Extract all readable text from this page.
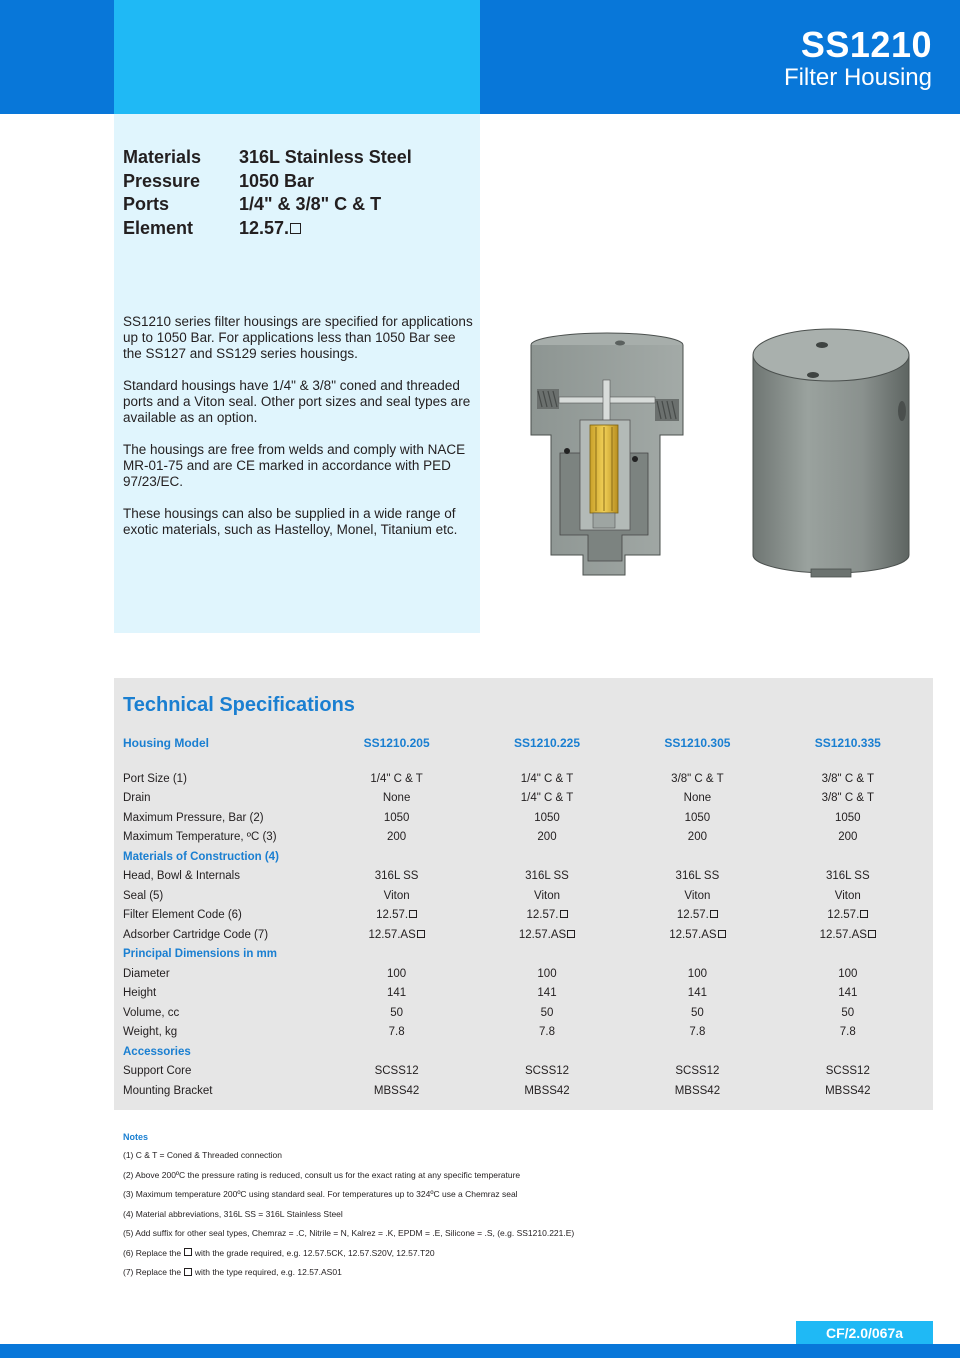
SS1210
Filter Housing
Materials	316L Stainless Steel
Pressure	1050 Bar
Ports	1/4" & 3/8" C & T
Element	12.57.

SS1210 series filter housings are specified for applications up to 1050 Bar. For applications less than 1050 Bar see the SS127 and SS129 series housings.

Standard housings have 1/4" & 3/8" coned and threaded ports and a Viton seal. Other port sizes and seal types are available as an option.

The housings are free from welds and comply with NACE MR-01-75 and are CE marked in accordance with PED 97/23/EC.

These housings can also be supplied in a wide range of exotic materials, such as Hastelloy, Monel, Titanium etc.

Technical Specifications
Housing Model	SS1210.205	SS1210.225	SS1210.305	SS1210.335
Port Size (1)	1/4" C & T	1/4" C & T	3/8" C & T	3/8" C & T
Drain	None	1/4" C & T	None	3/8" C & T
Maximum Pressure, Bar (2)	1050	1050	1050	1050
Maximum Temperature, ºC (3)	200	200	200	200
Materials of Construction (4)
Head, Bowl & Internals	316L SS	316L SS	316L SS	316L SS
Seal (5)	Viton	Viton	Viton	Viton
Filter Element Code (6)	12.57.	12.57.	12.57.	12.57.
Adsorber Cartridge Code (7)	12.57.AS	12.57.AS	12.57.AS	12.57.AS
Principal Dimensions in mm
Diameter	100	100	100	100
Height	141	141	141	141
Volume, cc	50	50	50	50
Weight, kg	7.8	7.8	7.8	7.8
Accessories
Support Core	SCSS12	SCSS12	SCSS12	SCSS12
Mounting Bracket	MBSS42	MBSS42	MBSS42	MBSS42
Notes
(1) C & T = Coned & Threaded connection
(2) Above 200ºC the pressure rating is reduced, consult us for the exact rating at any specific temperature
(3) Maximum temperature 200ºC using standard seal. For temperatures up to 324ºC use a Chemraz seal
(4) Material abbreviations, 316L SS = 316L Stainless Steel
(5) Add suffix for other seal types, Chemraz = .C, Nitrile = N, Kalrez = .K, EPDM = .E, Silicone = .S, (e.g. SS1210.221.E)
(6) Replace the  with the grade required, e.g. 12.57.5CK, 12.57.S20V, 12.57.T20
(7) Replace the  with the type required, e.g. 12.57.AS01
CF/2.0/067a
